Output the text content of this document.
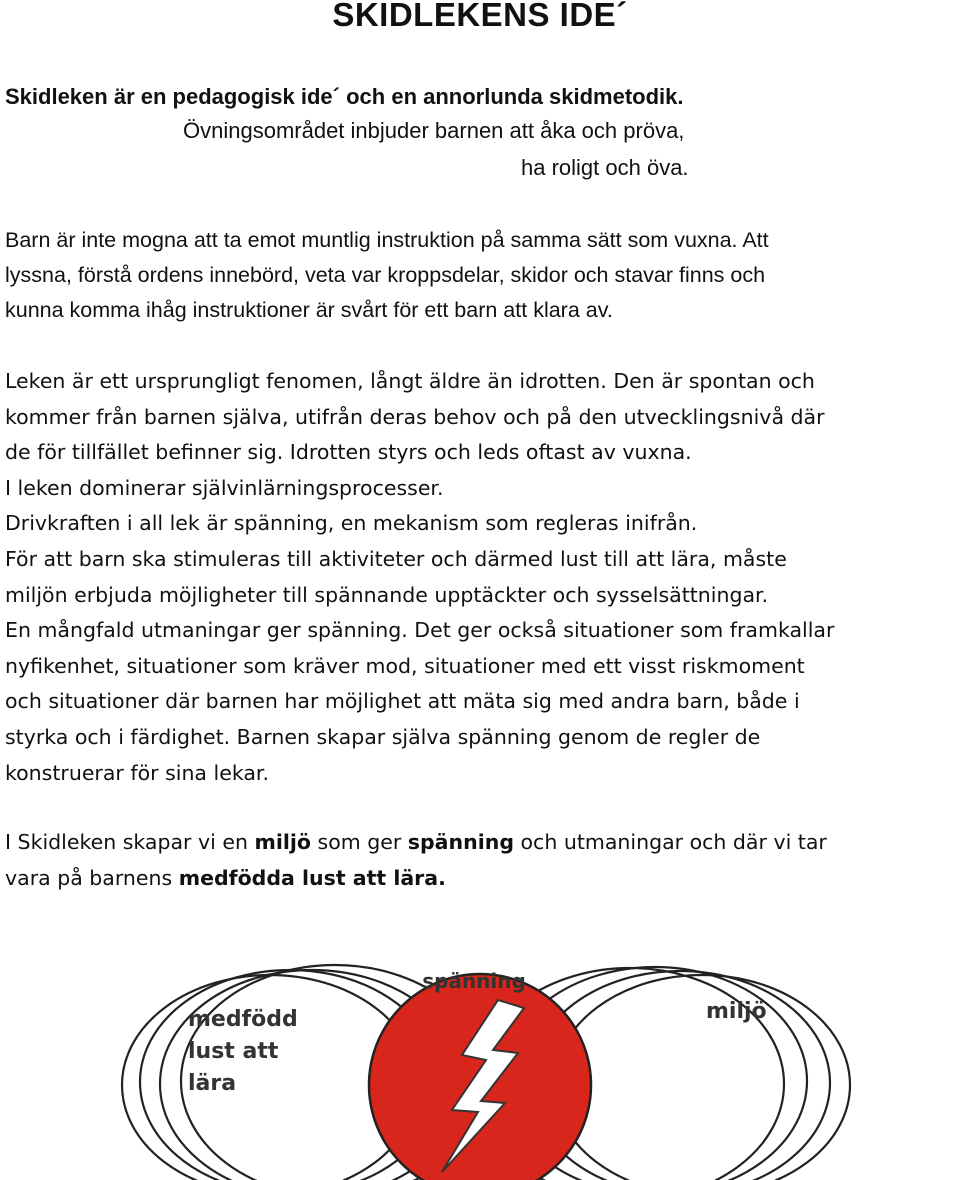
SKIDLEKENS IDE´

Skidleken är en pedagogisk ide´ och en annorlunda skidmetodik.

Övningsområdet inbjuder barnen att åka och pröva,

ha roligt och öva.

Barn är inte mogna att ta emot muntlig instruktion på samma sätt som vuxna. Att
lyssna, förstå ordens innebörd, veta var kroppsdelar, skidor och stavar finns och
kunna komma ihåg instruktioner är svårt för ett barn att klara av.
Leken är ett ursprungligt fenomen, långt äldre än idrotten. Den är spontan och
kommer från barnen själva, utifrån deras behov och på den utvecklingsnivå där
de för tillfället befinner sig. Idrotten styrs och leds oftast av vuxna.
I leken dominerar självinlärningsprocesser.
Drivkraften i all lek är spänning, en mekanism som regleras inifrån.
För att barn ska stimuleras till aktiviteter och därmed lust till att lära, måste
miljön erbjuda möjligheter till spännande upptäckter och sysselsättningar.
En mångfald utmaningar ger spänning. Det ger också situationer som framkallar
nyfikenhet, situationer som kräver mod, situationer med ett visst riskmoment
och situationer där barnen har möjlighet att mäta sig med andra barn, både i
styrka och i färdighet. Barnen skapar själva spänning genom de regler de
konstruerar för sina lekar.
I Skidleken skapar vi en miljö som ger spänning och utmaningar och där vi tar
vara på barnens medfödda lust att lära.
medfödd
lust att
lära
miljö
spänning
